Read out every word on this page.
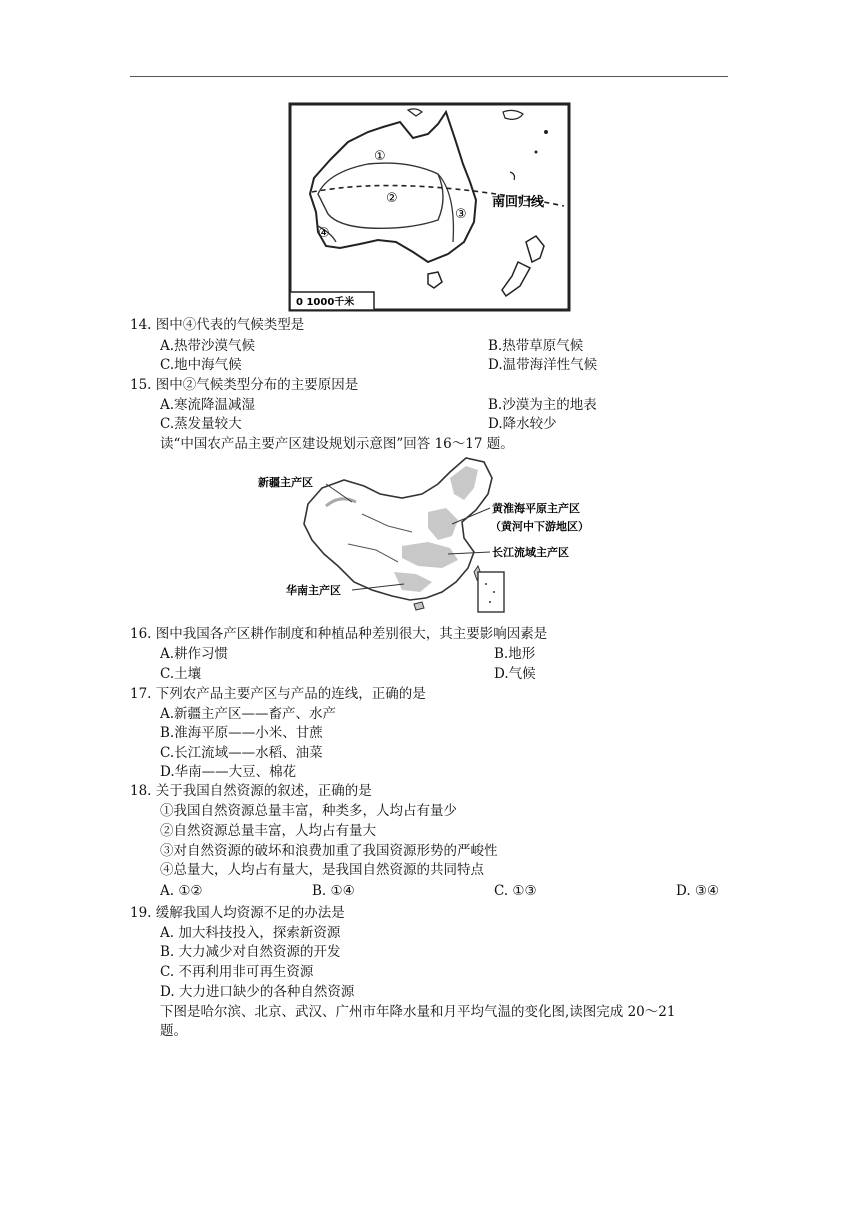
①
②
③
④
南回归线
0 1000千米
14. 图中④代表的气候类型是
A.热带沙漠气候	B.热带草原气候
C.地中海气候	D.温带海洋性气候
15. 图中②气候类型分布的主要原因是
A.寒流降温减湿	B.沙漠为主的地表
C.蒸发量较大	D.降水较少
读“中国农产品主要产区建设规划示意图”回答 16～17 题。
新疆主产区
黄淮海平原主产区
（黄河中下游地区）
长江流域主产区
华南主产区
16. 图中我国各产区耕作制度和种植品种差别很大，其主要影响因素是
A.耕作习惯	B.地形
C.土壤	D.气候
17. 下列农产品主要产区与产品的连线，正确的是
A.新疆主产区——畜产、水产
B.淮海平原——小米、甘蔗
C.长江流域——水稻、油菜
D.华南——大豆、棉花
18. 关于我国自然资源的叙述，正确的是
①我国自然资源总量丰富，种类多，人均占有量少
②自然资源总量丰富，人均占有量大
③对自然资源的破坏和浪费加重了我国资源形势的严峻性
④总量大，人均占有量大，是我国自然资源的共同特点
A. ①②	B. ①④	C. ①③	D. ③④
19. 缓解我国人均资源不足的办法是
A. 加大科技投入，探索新资源
B. 大力减少对自然资源的开发
C. 不再利用非可再生资源
D. 大力进口缺少的各种自然资源
下图是哈尔滨、北京、武汉、广州市年降水量和月平均气温的变化图,读图完成 20～21
题。
